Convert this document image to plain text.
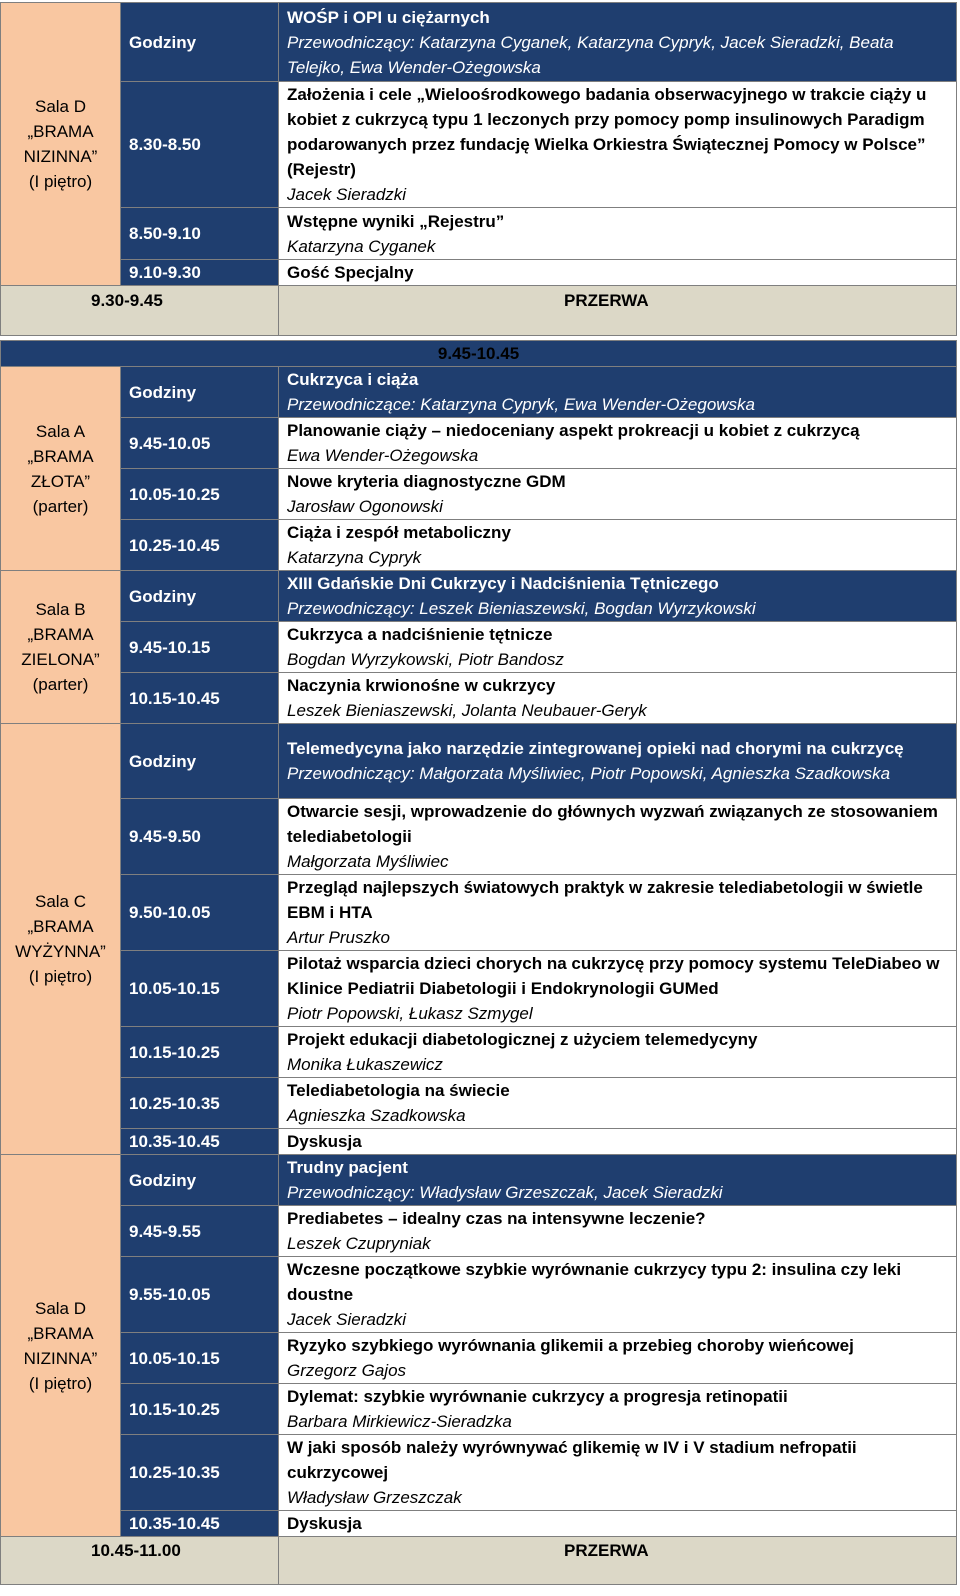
Sala D
„BRAMA
NIZINNA”
(I piętro)	Godziny	WOŚP i OPI u ciężarnych
Przewodniczący: Katarzyna Cyganek, Katarzyna Cypryk, Jacek Sieradzki, Beata Telejko, Ewa Wender-Ożegowska

	8.30-8.50	Założenia i cele „Wieloośrodkowego badania obserwacyjnego w trakcie ciąży u kobiet z cukrzycą typu 1 leczonych przy pomocy pomp insulinowych Paradigm podarowanych przez fundację Wielka Orkiestra Świątecznej Pomocy w Polsce” (Rejestr)
Jacek Sieradzki

	8.50-9.10	Wstępne wyniki „Rejestru”
Katarzyna Cyganek

	9.10-9.30	Gość Specjalny

9.30-9.45		PRZERWA
9.45-10.45		

Sala A
„BRAMA
ZŁOTA”
(parter)	Godziny	Cukrzyca i ciąża
Przewodniczące: Katarzyna Cypryk, Ewa Wender-Ożegowska

	9.45-10.05	Planowanie ciąży – niedoceniany aspekt prokreacji u kobiet z cukrzycą
Ewa Wender-Ożegowska

	10.05-10.25	Nowe kryteria diagnostyczne GDM
Jarosław Ogonowski

	10.25-10.45	Ciąża i zespół metaboliczny
Katarzyna Cypryk

Sala B
„BRAMA
ZIELONA”
(parter)	Godziny	XIII Gdańskie Dni Cukrzycy i Nadciśnienia Tętniczego
Przewodniczący: Leszek Bieniaszewski, Bogdan Wyrzykowski

	9.45-10.15	Cukrzyca a nadciśnienie tętnicze
Bogdan Wyrzykowski, Piotr Bandosz

	10.15-10.45	Naczynia krwionośne w cukrzycy
Leszek Bieniaszewski, Jolanta Neubauer-Geryk

Sala C
„BRAMA
WYŻYNNA”
(I piętro)	Godziny	Telemedycyna jako narzędzie zintegrowanej opieki nad chorymi na cukrzycę
Przewodniczący: Małgorzata Myśliwiec, Piotr Popowski, Agnieszka Szadkowska

	9.45-9.50	Otwarcie sesji, wprowadzenie do głównych wyzwań związanych ze stosowaniem telediabetologii
Małgorzata Myśliwiec

	9.50-10.05	Przegląd najlepszych światowych praktyk w zakresie telediabetologii w świetle EBM i HTA
Artur Pruszko

	10.05-10.15	Pilotaż wsparcia dzieci chorych na cukrzycę przy pomocy systemu TeleDiabeo w Klinice Pediatrii Diabetologii i Endokrynologii GUMed
Piotr Popowski, Łukasz Szmygel

	10.15-10.25	Projekt edukacji diabetologicznej z użyciem telemedycyny
Monika Łukaszewicz

	10.25-10.35	Telediabetologia na świecie
Agnieszka Szadkowska

	10.35-10.45	Dyskusja

Sala D
„BRAMA
NIZINNA”
(I piętro)	Godziny	Trudny pacjent
Przewodniczący: Władysław Grzeszczak, Jacek Sieradzki

	9.45-9.55	Prediabetes – idealny czas na intensywne leczenie?
Leszek Czupryniak

	9.55-10.05	Wczesne początkowe szybkie wyrównanie cukrzycy typu 2: insulina czy leki doustne
Jacek Sieradzki

	10.05-10.15	Ryzyko szybkiego wyrównania glikemii a przebieg choroby wieńcowej
Grzegorz Gajos

	10.15-10.25	Dylemat: szybkie wyrównanie cukrzycy a progresja retinopatii
Barbara Mirkiewicz-Sieradzka

	10.25-10.35	W jaki sposób należy wyrównywać glikemię w IV i V stadium nefropatii cukrzycowej
Władysław Grzeszczak

	10.35-10.45	Dyskusja

10.45-11.00		PRZERWA
